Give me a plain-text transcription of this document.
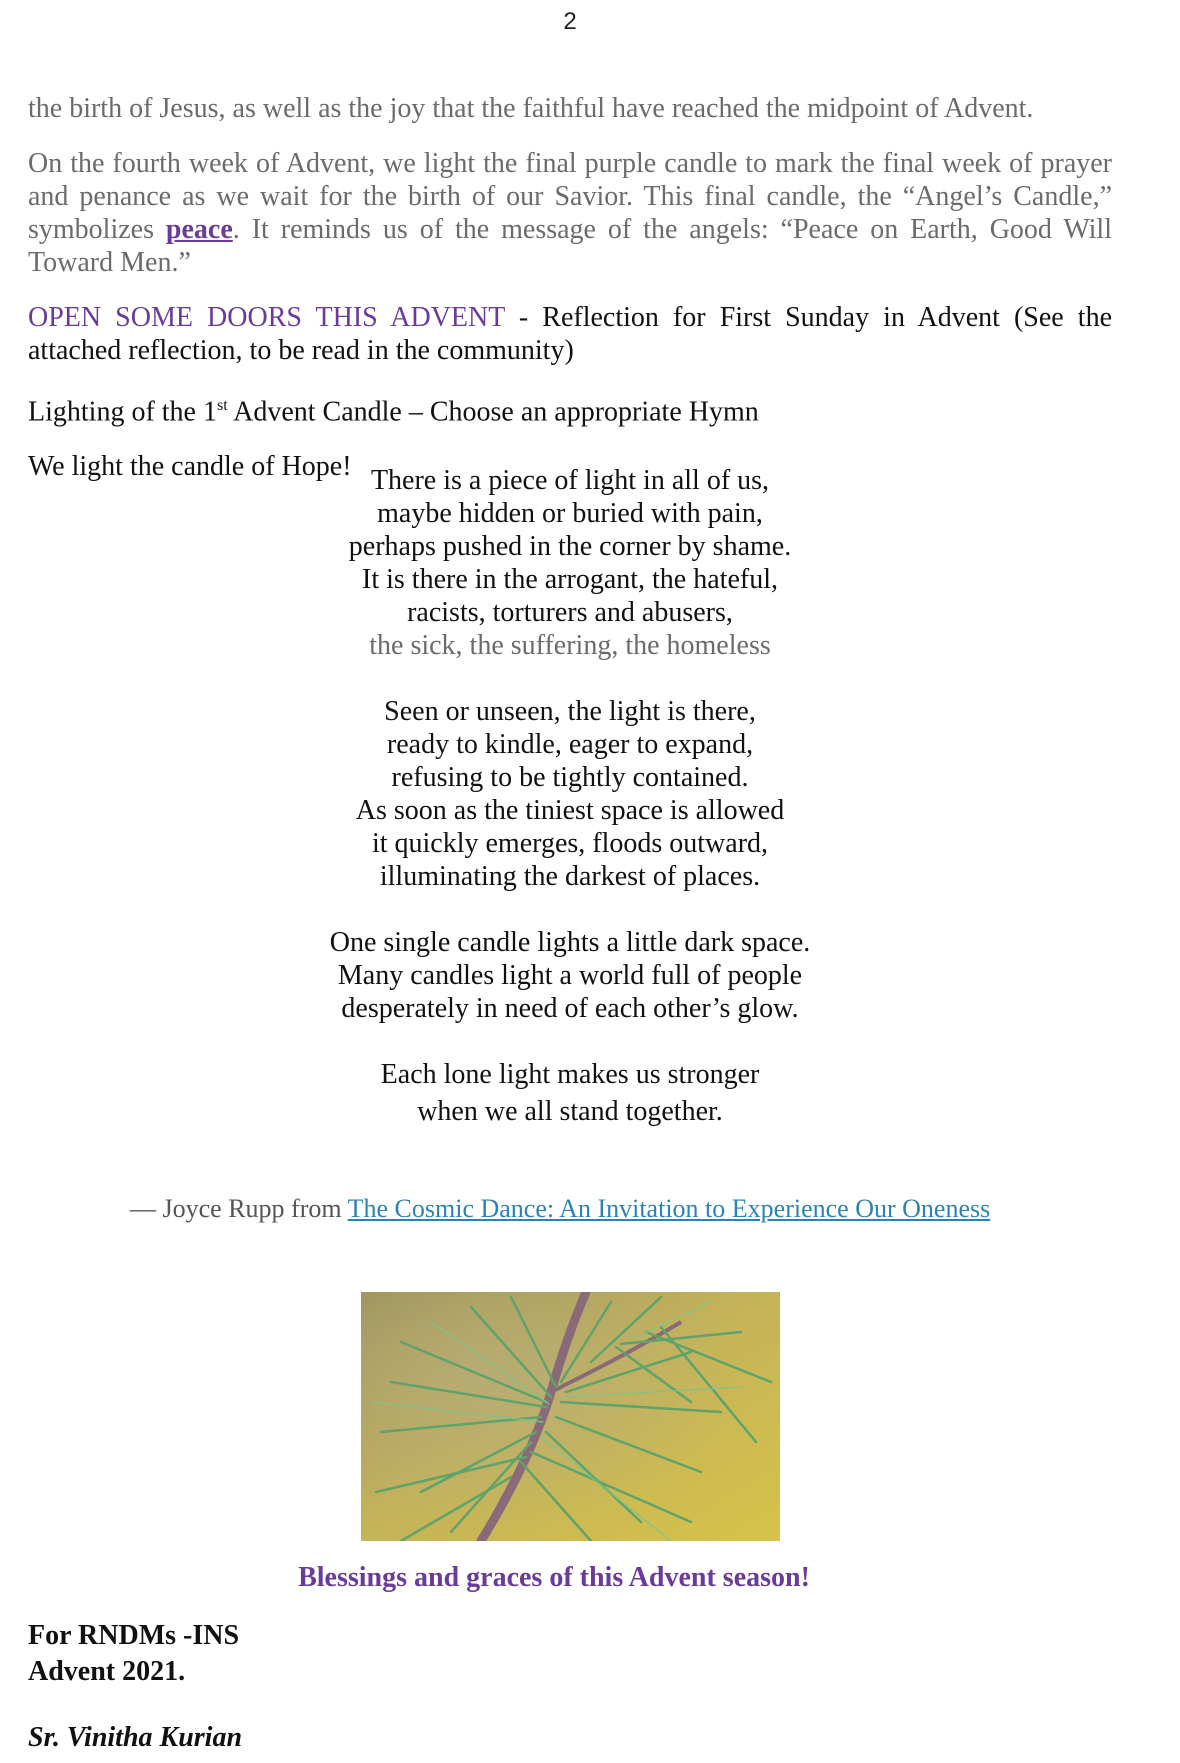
2

the birth of Jesus, as well as the joy that the faithful have reached the midpoint of Advent.

On the fourth week of Advent, we light the final purple candle to mark the final week of prayer and penance as we wait for the birth of our Savior. This final candle, the “Angel’s Candle,” symbolizes peace. It reminds us of the message of the angels: “Peace on Earth, Good Will Toward Men.”

OPEN SOME DOORS THIS ADVENT - Reflection for First Sunday in Advent (See the attached reflection, to be read in the community)

Lighting of the 1st Advent Candle – Choose an appropriate Hymn

We light the candle of Hope! There is a piece of light in all of us,
maybe hidden or buried with pain,
perhaps pushed in the corner by shame.
It is there in the arrogant, the hateful,
racists, torturers and abusers,
the sick, the suffering, the homeless
Seen or unseen, the light is there,
ready to kindle, eager to expand,
refusing to be tightly contained.
As soon as the tiniest space is allowed
it quickly emerges, floods outward,
illuminating the darkest of places.
One single candle lights a little dark space.
Many candles light a world full of people
desperately in need of each other’s glow.
Each lone light makes us stronger
when we all stand together.
— Joyce Rupp from The Cosmic Dance: An Invitation to Experience Our Oneness
Blessings and graces of this Advent season!
For RNDMs -INS
Advent 2021.
Sr. Vinitha Kurian
